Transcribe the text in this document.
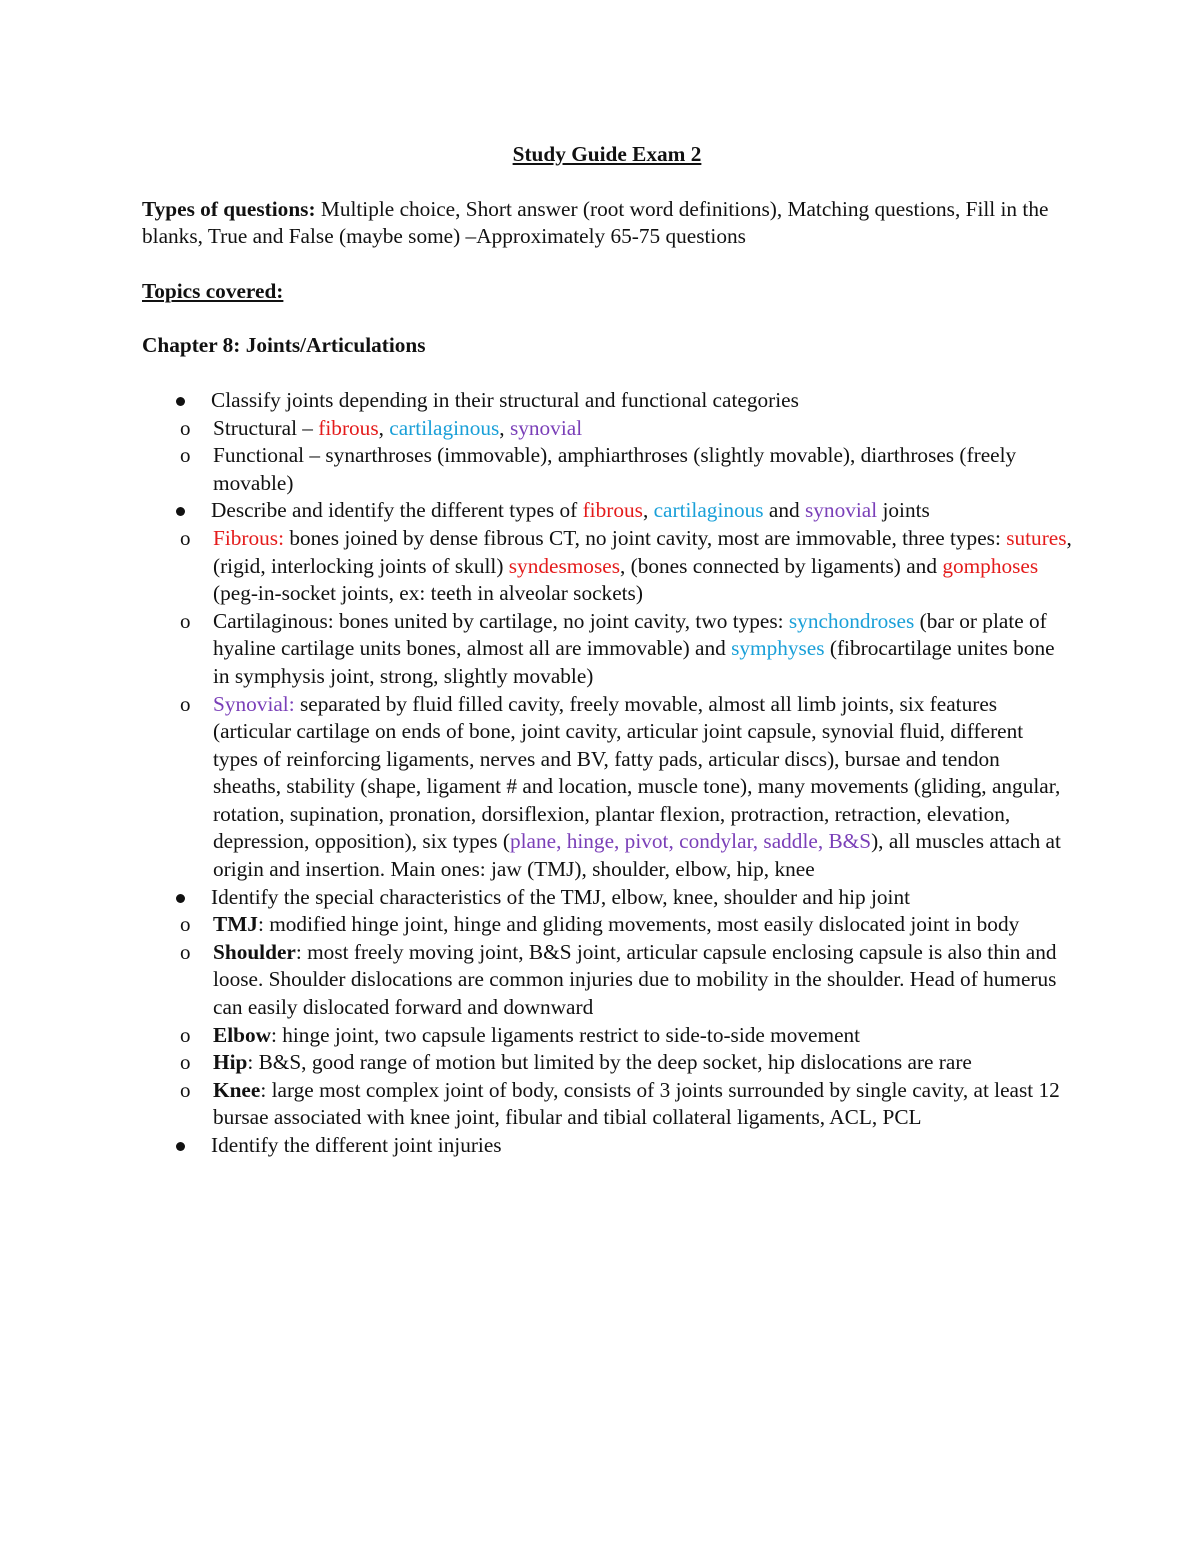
Study Guide Exam 2
Types of questions: Multiple choice, Short answer (root word definitions), Matching questions, Fill in the blanks, True and False (maybe some) –Approximately 65-75 questions
Topics covered:
Chapter 8: Joints/Articulations
Classify joints depending in their structural and functional categories
o Structural – fibrous, cartilaginous, synovial
o Functional – synarthroses (immovable), amphiarthroses (slightly movable), diarthroses (freely movable)
Describe and identify the different types of fibrous, cartilaginous and synovial joints
o Fibrous: bones joined by dense fibrous CT, no joint cavity, most are immovable, three types: sutures, (rigid, interlocking joints of skull) syndesmoses, (bones connected by ligaments) and gomphoses (peg-in-socket joints, ex: teeth in alveolar sockets)
o Cartilaginous: bones united by cartilage, no joint cavity, two types: synchondroses (bar or plate of hyaline cartilage units bones, almost all are immovable) and symphyses (fibrocartilage unites bone in symphysis joint, strong, slightly movable)
o Synovial: separated by fluid filled cavity, freely movable, almost all limb joints, six features (articular cartilage on ends of bone, joint cavity, articular joint capsule, synovial fluid, different types of reinforcing ligaments, nerves and BV, fatty pads, articular discs), bursae and tendon sheaths, stability (shape, ligament # and location, muscle tone), many movements (gliding, angular, rotation, supination, pronation, dorsiflexion, plantar flexion, protraction, retraction, elevation, depression, opposition), six types (plane, hinge, pivot, condylar, saddle, B&S), all muscles attach at origin and insertion. Main ones: jaw (TMJ), shoulder, elbow, hip, knee
Identify the special characteristics of the TMJ, elbow, knee, shoulder and hip joint
o TMJ: modified hinge joint, hinge and gliding movements, most easily dislocated joint in body
o Shoulder: most freely moving joint, B&S joint, articular capsule enclosing capsule is also thin and loose. Shoulder dislocations are common injuries due to mobility in the shoulder. Head of humerus can easily dislocated forward and downward
o Elbow: hinge joint, two capsule ligaments restrict to side-to-side movement
o Hip: B&S, good range of motion but limited by the deep socket, hip dislocations are rare
o Knee: large most complex joint of body, consists of 3 joints surrounded by single cavity, at least 12 bursae associated with knee joint, fibular and tibial collateral ligaments, ACL, PCL
Identify the different joint injuries
